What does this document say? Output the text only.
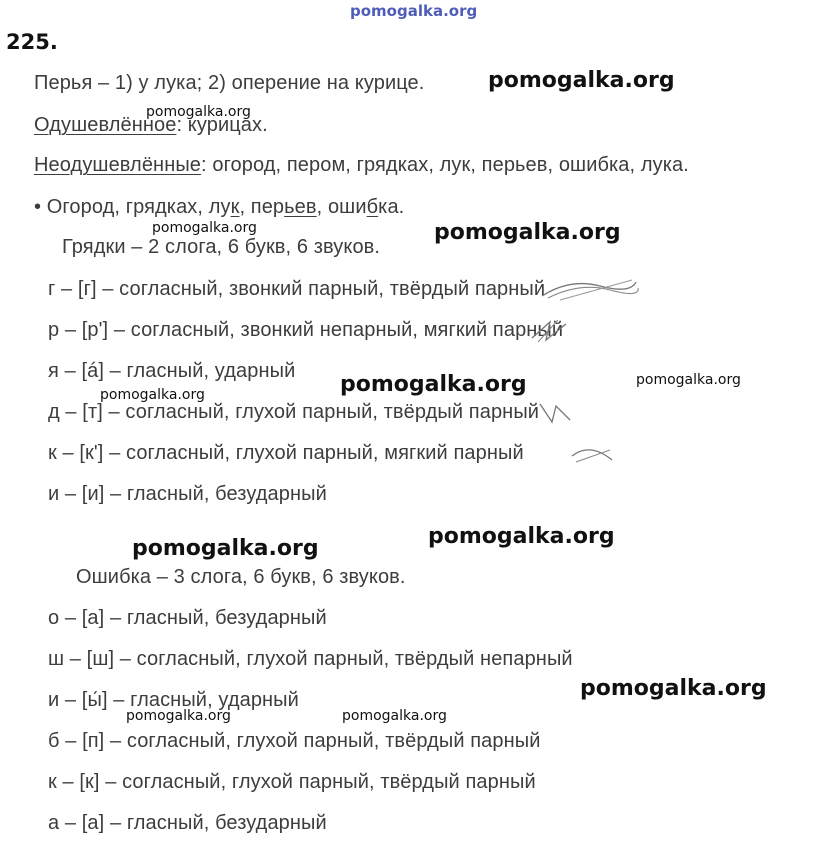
pomogalka.org
225.
Перья – 1) у лука; 2) оперение на курице.
Одушевлённое: курицах.
Неодушевлённые: огород, пером, грядках, лук, перьев, ошибка, лука.
• Огород, грядках, лук, перьев, ошибка.
Грядки – 2 слога, 6 букв, 6 звуков.
г – [г] – согласный, звонкий парный, твёрдый парный
р – [р'] – согласный, звонкий непарный, мягкий парный
я – [á] – гласный, ударный
д – [т] – согласный, глухой парный, твёрдый парный
к – [к'] – согласный, глухой парный, мягкий парный
и – [и] – гласный, безударный
Ошибка – 3 слога, 6 букв, 6 звуков.
о – [а] – гласный, безударный
ш – [ш] – согласный, глухой парный, твёрдый непарный
и – [ы́] – гласный, ударный
б – [п] – согласный, глухой парный, твёрдый парный
к – [к] – согласный, глухой парный, твёрдый парный
а – [а] – гласный, безударный
pomogalka.org
pomogalka.org
pomogalka.org	pomogalka.org
pomogalka.org	pomogalka.org
pomogalka.org
pomogalka.org
pomogalka.org
pomogalka.org
pomogalka.org	pomogalka.org
